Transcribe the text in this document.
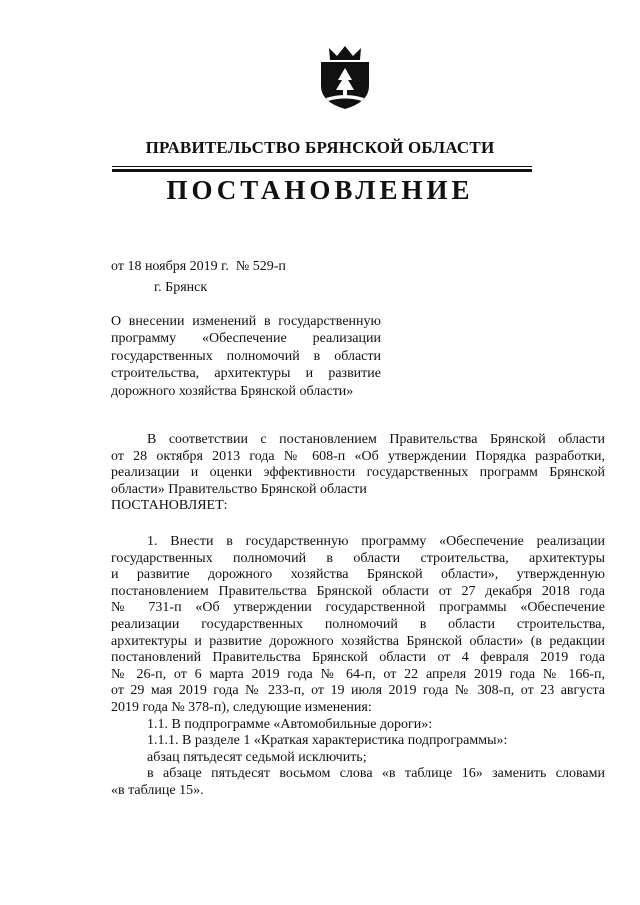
ПРАВИТЕЛЬСТВО БРЯНСКОЙ ОБЛАСТИ
ПОСТАНОВЛЕНИЕ
от 18 ноября 2019 г. № 529-п
г. Брянск
О внесении изменений в государственную
программу «Обеспечение реализации
государственных полномочий в области
строительства, архитектуры и развитие
дорожного хозяйства Брянской области»
В соответствии с постановлением Правительства Брянской области
от 28 октября 2013 года № 608-п «Об утверждении Порядка разработки,
реализации и оценки эффективности государственных программ Брянской
области» Правительство Брянской области
ПОСТАНОВЛЯЕТ:
1. Внести в государственную программу «Обеспечение реализации
государственных полномочий в области строительства, архитектуры
и развитие дорожного хозяйства Брянской области», утвержденную
постановлением Правительства Брянской области от 27 декабря 2018 года
№ 731-п «Об утверждении государственной программы «Обеспечение
реализации государственных полномочий в области строительства,
архитектуры и развитие дорожного хозяйства Брянской области» (в редакции
постановлений Правительства Брянской области от 4 февраля 2019 года
№ 26-п, от 6 марта 2019 года № 64-п, от 22 апреля 2019 года № 166-п,
от 29 мая 2019 года № 233-п, от 19 июля 2019 года № 308-п, от 23 августа
2019 года № 378-п), следующие изменения:
1.1. В подпрограмме «Автомобильные дороги»:
1.1.1. В разделе 1 «Краткая характеристика подпрограммы»:
абзац пятьдесят седьмой исключить;
в абзаце пятьдесят восьмом слова «в таблице 16» заменить словами
«в таблице 15».
